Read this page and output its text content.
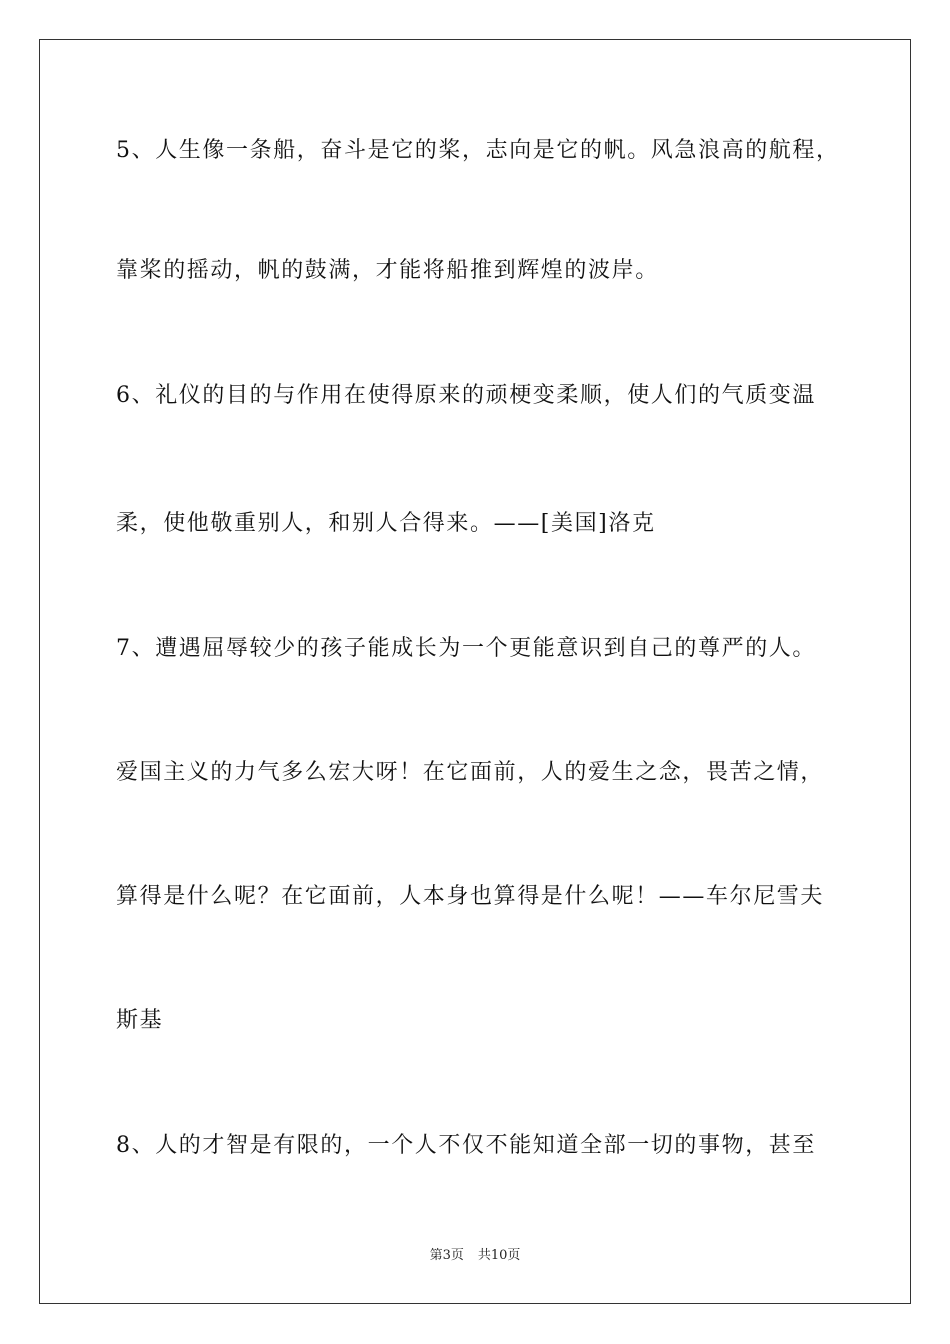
5、人生像一条船，奋斗是它的桨，志向是它的帆。风急浪高的航程，
靠桨的摇动，帆的鼓满，才能将船推到辉煌的波岸。
6、礼仪的目的与作用在使得原来的顽梗变柔顺，使人们的气质变温
柔，使他敬重别人，和别人合得来。——[美国]洛克
7、遭遇屈辱较少的孩子能成长为一个更能意识到自己的尊严的人。
爱国主义的力气多么宏大呀！在它面前，人的爱生之念，畏苦之情，
算得是什么呢？在它面前，人本身也算得是什么呢！——车尔尼雪夫
斯基
8、人的才智是有限的，一个人不仅不能知道全部一切的事物，甚至
第3页 共10页
